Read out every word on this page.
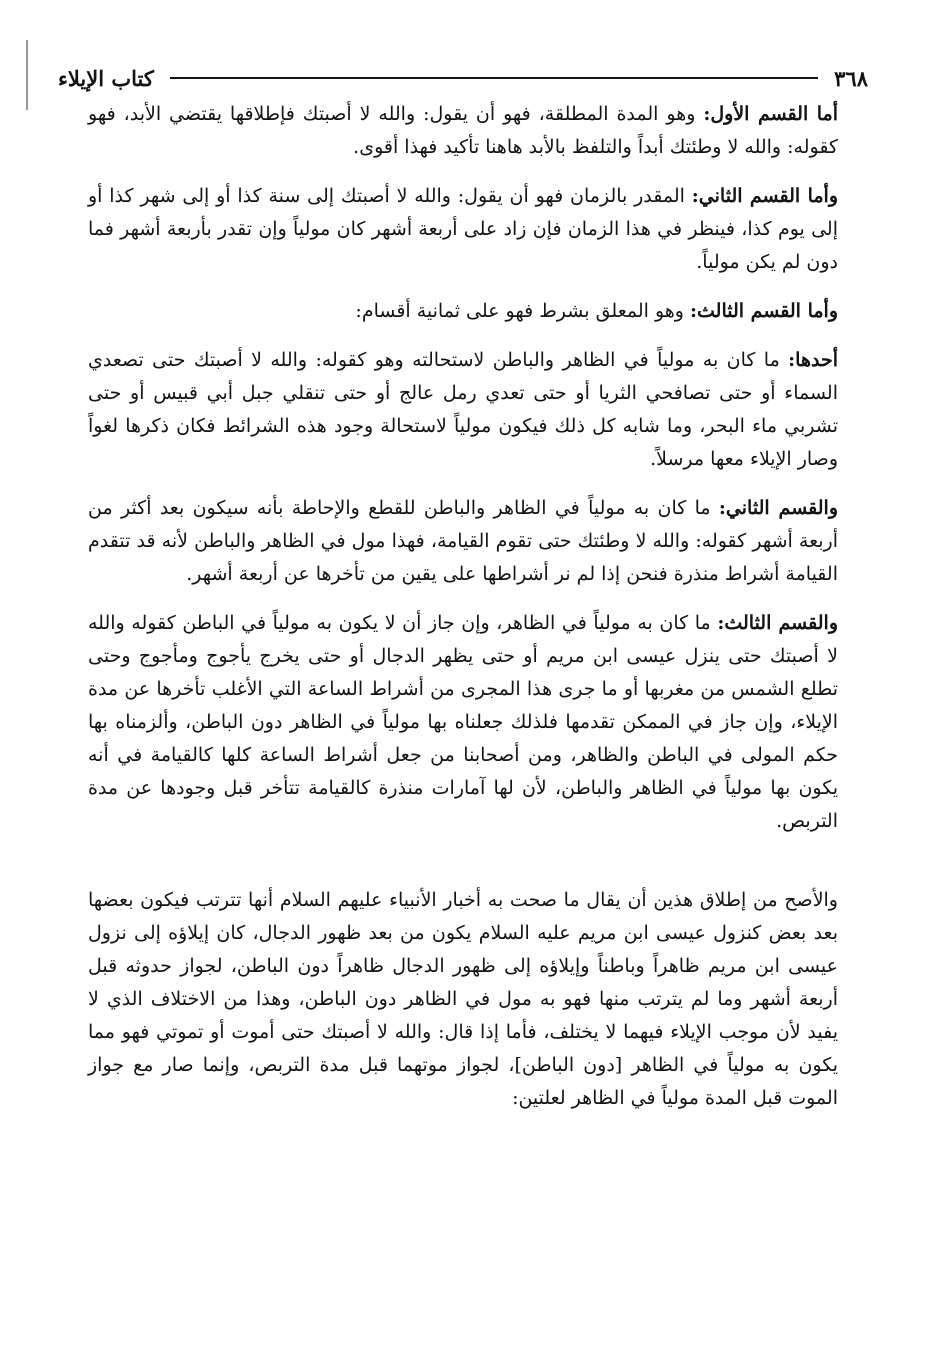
٣٦٨
كتاب الإيلاء

أما القسم الأول: وهو المدة المطلقة، فهو أن يقول: والله لا أصبتك فإطلاقها يقتضي الأبد، فهو كقوله: والله لا وطئتك أبداً والتلفظ بالأبد هاهنا تأكيد فهذا أقوى.

وأما القسم الثاني: المقدر بالزمان فهو أن يقول: والله لا أصبتك إلى سنة كذا أو إلى شهر كذا أو إلى يوم كذا، فينظر في هذا الزمان فإن زاد على أربعة أشهر كان مولياً وإن تقدر بأربعة أشهر فما دون لم يكن مولياً.

وأما القسم الثالث: وهو المعلق بشرط فهو على ثمانية أقسام:

أحدها: ما كان به مولياً في الظاهر والباطن لاستحالته وهو كقوله: والله لا أصبتك حتى تصعدي السماء أو حتى تصافحي الثريا أو حتى تعدي رمل عالج أو حتى تنقلي جبل أبي قبيس أو حتى تشربي ماء البحر، وما شابه كل ذلك فيكون مولياً لاستحالة وجود هذه الشرائط فكان ذكرها لغواً وصار الإيلاء معها مرسلاً.

والقسم الثاني: ما كان به مولياً في الظاهر والباطن للقطع والإحاطة بأنه سيكون بعد أكثر من أربعة أشهر كقوله: والله لا وطئتك حتى تقوم القيامة، فهذا مول في الظاهر والباطن لأنه قد تتقدم القيامة أشراط منذرة فنحن إذا لم نر أشراطها على يقين من تأخرها عن أربعة أشهر.

والقسم الثالث: ما كان به مولياً في الظاهر، وإن جاز أن لا يكون به مولياً في الباطن كقوله والله لا أصبتك حتى ينزل عيسى ابن مريم أو حتى يظهر الدجال أو حتى يخرج يأجوج ومأجوج وحتى تطلع الشمس من مغربها أو ما جرى هذا المجرى من أشراط الساعة التي الأغلب تأخرها عن مدة الإيلاء، وإن جاز في الممكن تقدمها فلذلك جعلناه بها مولياً في الظاهر دون الباطن، وألزمناه بها حكم المولى في الباطن والظاهر، ومن أصحابنا من جعل أشراط الساعة كلها كالقيامة في أنه يكون بها مولياً في الظاهر والباطن، لأن لها آمارات منذرة كالقيامة تتأخر قبل وجودها عن مدة التربص.

والأصح من إطلاق هذين أن يقال ما صحت به أخبار الأنبياء عليهم السلام أنها تترتب فيكون بعضها بعد بعض كنزول عيسى ابن مريم عليه السلام يكون من بعد ظهور الدجال، كان إيلاؤه إلى نزول عيسى ابن مريم ظاهراً وباطناً وإيلاؤه إلى ظهور الدجال ظاهراً دون الباطن، لجواز حدوثه قبل أربعة أشهر وما لم يترتب منها فهو به مول في الظاهر دون الباطن، وهذا من الاختلاف الذي لا يفيد لأن موجب الإيلاء فيهما لا يختلف، فأما إذا قال: والله لا أصبتك حتى أموت أو تموتي فهو مما يكون به مولياً في الظاهر [دون الباطن]، لجواز موتهما قبل مدة التربص، وإنما صار مع جواز الموت قبل المدة مولياً في الظاهر لعلتين:
